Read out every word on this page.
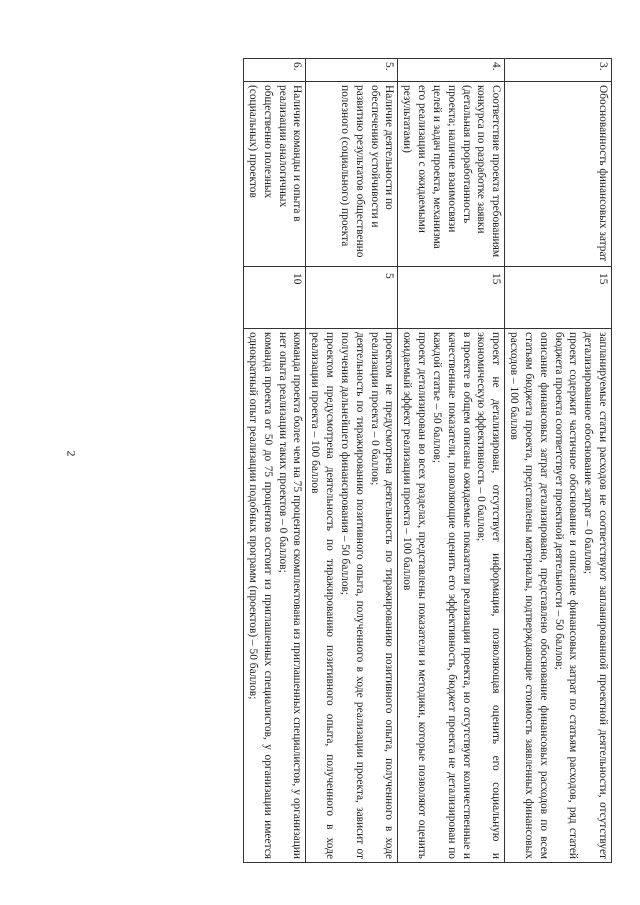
2
3.	Обоснованность финансовых затрат	15	запланируемые статьи расходов не соответствуют запланированной проектной деятельности, отсутствует детализированное обоснование затрат – 0 баллов;
проект содержит частичное обоснование и описание финансовых затрат по статьям расходов, ряд статей бюджета проекта соответствует проектной деятельности – 50 баллов;
описание финансовых затрат детализировано, представлено обоснование финансовых расходов по всем статьям бюджета проекта, представлены материалы, подтверждающие стоимость заявленных финансовых расходов – 100 баллов

4.	Соответствие проекта требованиям конкурса по разработке заявки (детальная проработанность проекта; наличие взаимосвязи целей и задач проекта, механизма его реализации с ожидаемыми результатами)	15	проект не детализирован, отсутствует информация, позволяющая оценить его социальную и экономическую эффективность – 0 баллов;
в проекте в общем описаны ожидаемые показатели реализации проекта, но отсутствуют количественные и качественные показатели, позволяющие оценить его эффективность, бюджет проекта не детализирован по каждой статье – 50 баллов;
проект детализирован во всех разделах, представлены показатели и методики, которые позволяют оценить ожидаемый эффект реализации проекта – 100 баллов

5.	Наличие деятельности по обеспечению устойчивости и развитию результатов общественно полезного (социального) проекта	5	проектом не предусмотрена деятельность по тиражированию позитивного опыта, полученного в ходе реализации проекта – 0 баллов;
деятельность по тиражированию позитивного опыта, полученного в ходе реализации проекта, зависит от получения дальнейшего финансирования – 50 баллов;
проектом предусмотрена деятельность по тиражированию позитивного опыта, полученного в ходе реализации проекта – 100 баллов

6.	Наличие команды и опыта в реализации аналогичных общественно полезных (социальных) проектов	10	команда проекта более чем на 75 процентов скомплектована из приглашенных специалистов, у организации нет опыта реализации таких проектов – 0 баллов;
команда проекта от 50 до 75 процентов состоит из приглашенных специалистов, у организации имеется однократный опыт реализации подобных программ (проектов) – 50 баллов;
